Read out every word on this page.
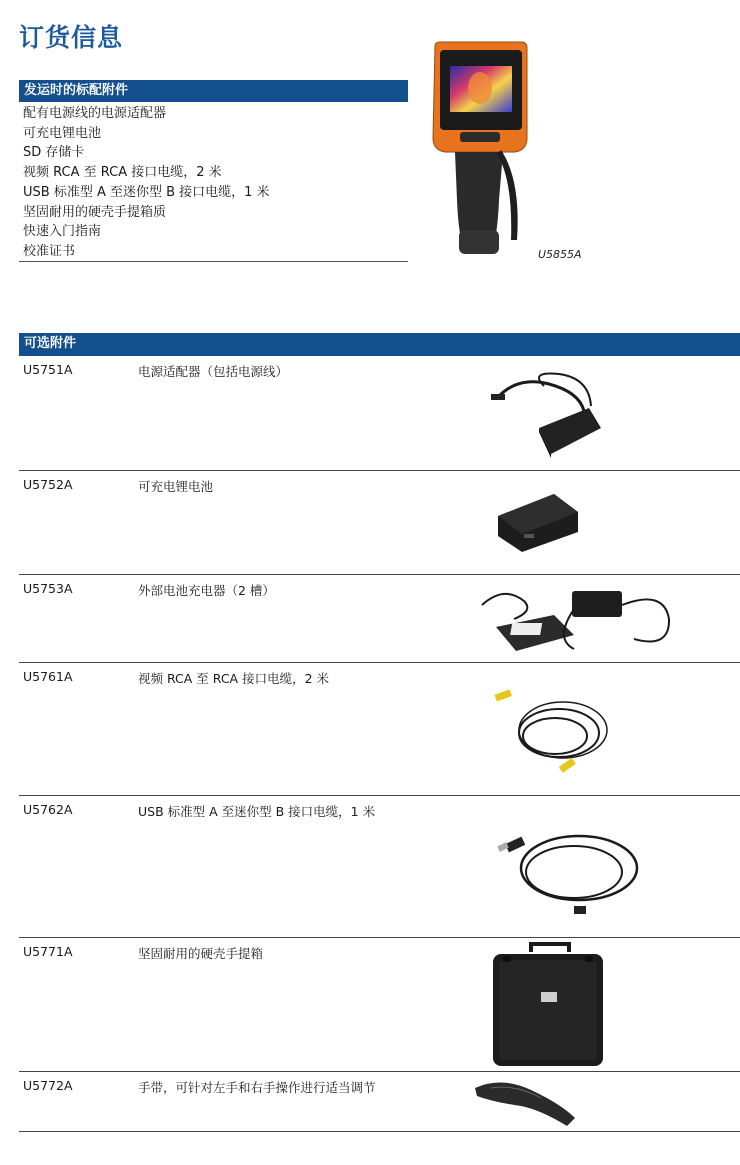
订货信息
发运时的标配附件
配有电源线的电源适配器
可充电锂电池
SD 存储卡
视频 RCA 至 RCA 接口电缆，2 米
USB 标准型 A 至迷你型 B 接口电缆，1 米
坚固耐用的硬壳手提箱质
快速入门指南
校准证书	U5855A
可选附件
U5751A	电源适配器（包括电源线）
U5752A	可充电锂电池
U5753A	外部电池充电器（2 槽）
U5761A	视频 RCA 至 RCA 接口电缆，2 米
U5762A	USB 标准型 A 至迷你型 B 接口电缆，1 米
U5771A	坚固耐用的硬壳手提箱
U5772A	手带，可针对左手和右手操作进行适当调节
